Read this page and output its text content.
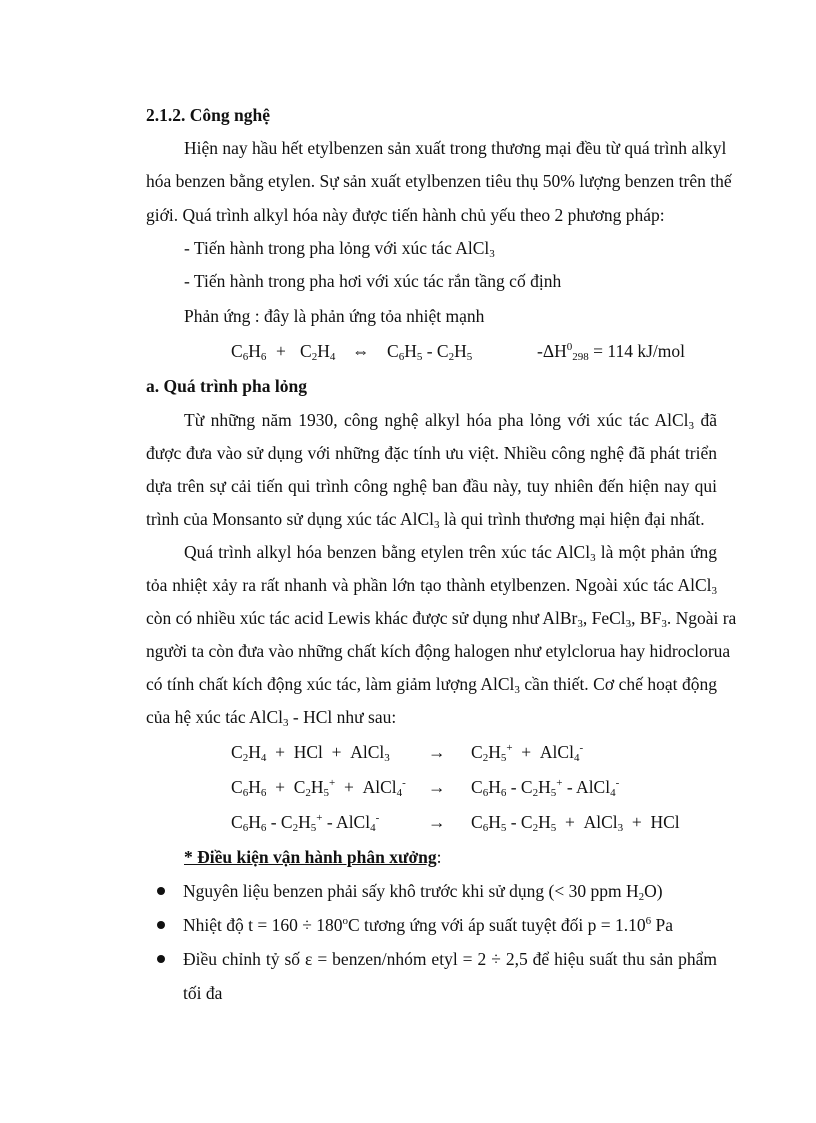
2.1.2. Công nghệ
Hiện nay hầu hết etylbenzen sản xuất trong thương mại đều từ quá trình alkyl
hóa benzen bằng etylen. Sự sản xuất etylbenzen tiêu thụ 50% lượng benzen trên thế
giới. Quá trình alkyl hóa này được tiến hành chủ yếu theo 2 phương pháp:
- Tiến hành trong pha lỏng với xúc tác AlCl$_3$
- Tiến hành trong pha hơi với xúc tác rắn tầng cố định
Phản ứng : đây là phản ứng tỏa nhiệt mạnh
$C_6H_6 + C_2H_4$ ⇔ $C_6H_5 - C_2H_5$	$-\Delta H^0_{298} = 114$ kJ/mol
a. Quá trình pha lỏng
Từ những năm 1930, công nghệ alkyl hóa pha lỏng với xúc tác AlCl$_3$ đã
được đưa vào sử dụng với những đặc tính ưu việt. Nhiều công nghệ đã phát triển
dựa trên sự cải tiến qui trình công nghệ ban đầu này, tuy nhiên đến hiện nay qui
trình của Monsanto sử dụng xúc tác AlCl$_3$ là qui trình thương mại hiện đại nhất.
Quá trình alkyl hóa benzen bằng etylen trên xúc tác AlCl$_3$ là một phản ứng
tỏa nhiệt xảy ra rất nhanh và phần lớn tạo thành etylbenzen. Ngoài xúc tác AlCl$_3$
còn có nhiều xúc tác acid Lewis khác được sử dụng như AlBr$_3$, FeCl$_3$, $BF_3$. Ngoài ra
người ta còn đưa vào những chất kích động halogen như etylclorua hay hidroclorua
có tính chất kích động xúc tác, làm giảm lượng AlCl$_3$ cần thiết. Cơ chế hoạt động
của hệ xúc tác AlCl$_3$ - HCl như sau:
$C_2H_4$  +  HCl  +  AlCl$_3$ → $C_2H_5^+$  +  AlCl$_4$-
$C_6H_6 + C_2H_5^+$  +  AlCl$_4$- → $C_6H_6 - C_2H_5^+$ - AlCl$_4$-
$C_6H_6 - C_2H_5^+$ - AlCl$_4$-	→ $C_6H_5 - C_2H_5$  +  AlCl$_3$  +  HCl
* Điều kiện vận hành phân xưởng:
Nguyên liệu benzen phải sấy khô trước khi sử dụng (< 30 ppm $H_2O$)
Nhiệt độ $t = 160 \div 180^oC$ tương ứng với áp suất tuyệt đối $p = 1.10^6$ Pa
Điều chỉnh tỷ số ε = benzen/nhóm etyl = 2 ÷ 2,5 để hiệu suất thu sản phẩm
tối đa
